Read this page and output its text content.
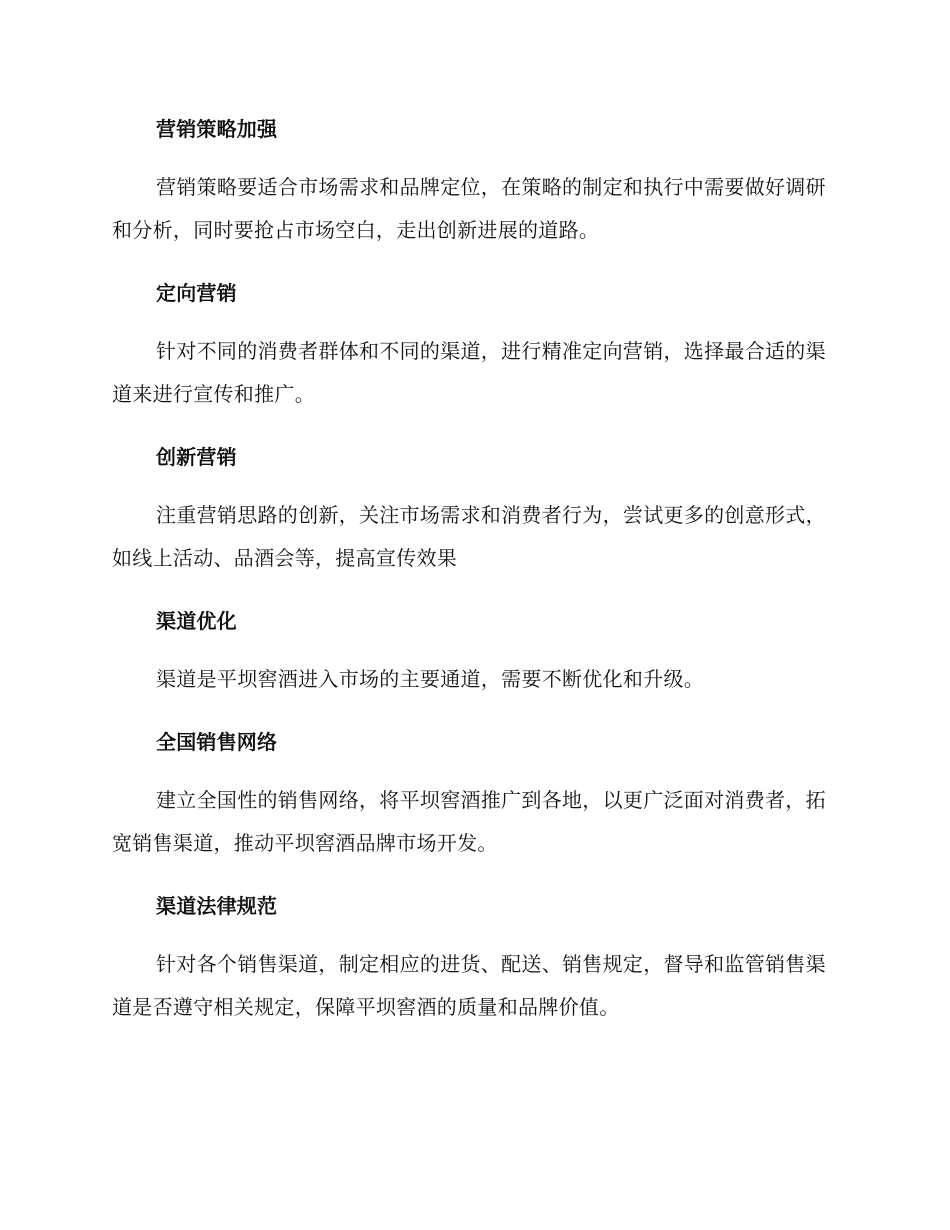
营销策略加强

营销策略要适合市场需求和品牌定位，在策略的制定和执行中需要做好调研和分析，同时要抢占市场空白，走出创新进展的道路。

定向营销

针对不同的消费者群体和不同的渠道，进行精准定向营销，选择最合适的渠道来进行宣传和推广。

创新营销

注重营销思路的创新，关注市场需求和消费者行为，尝试更多的创意形式，如线上活动、品酒会等，提高宣传效果

渠道优化

渠道是平坝窖酒进入市场的主要通道，需要不断优化和升级。

全国销售网络

建立全国性的销售网络，将平坝窖酒推广到各地，以更广泛面对消费者，拓宽销售渠道，推动平坝窖酒品牌市场开发。

渠道法律规范

针对各个销售渠道，制定相应的进货、配送、销售规定，督导和监管销售渠道是否遵守相关规定，保障平坝窖酒的质量和品牌价值。
